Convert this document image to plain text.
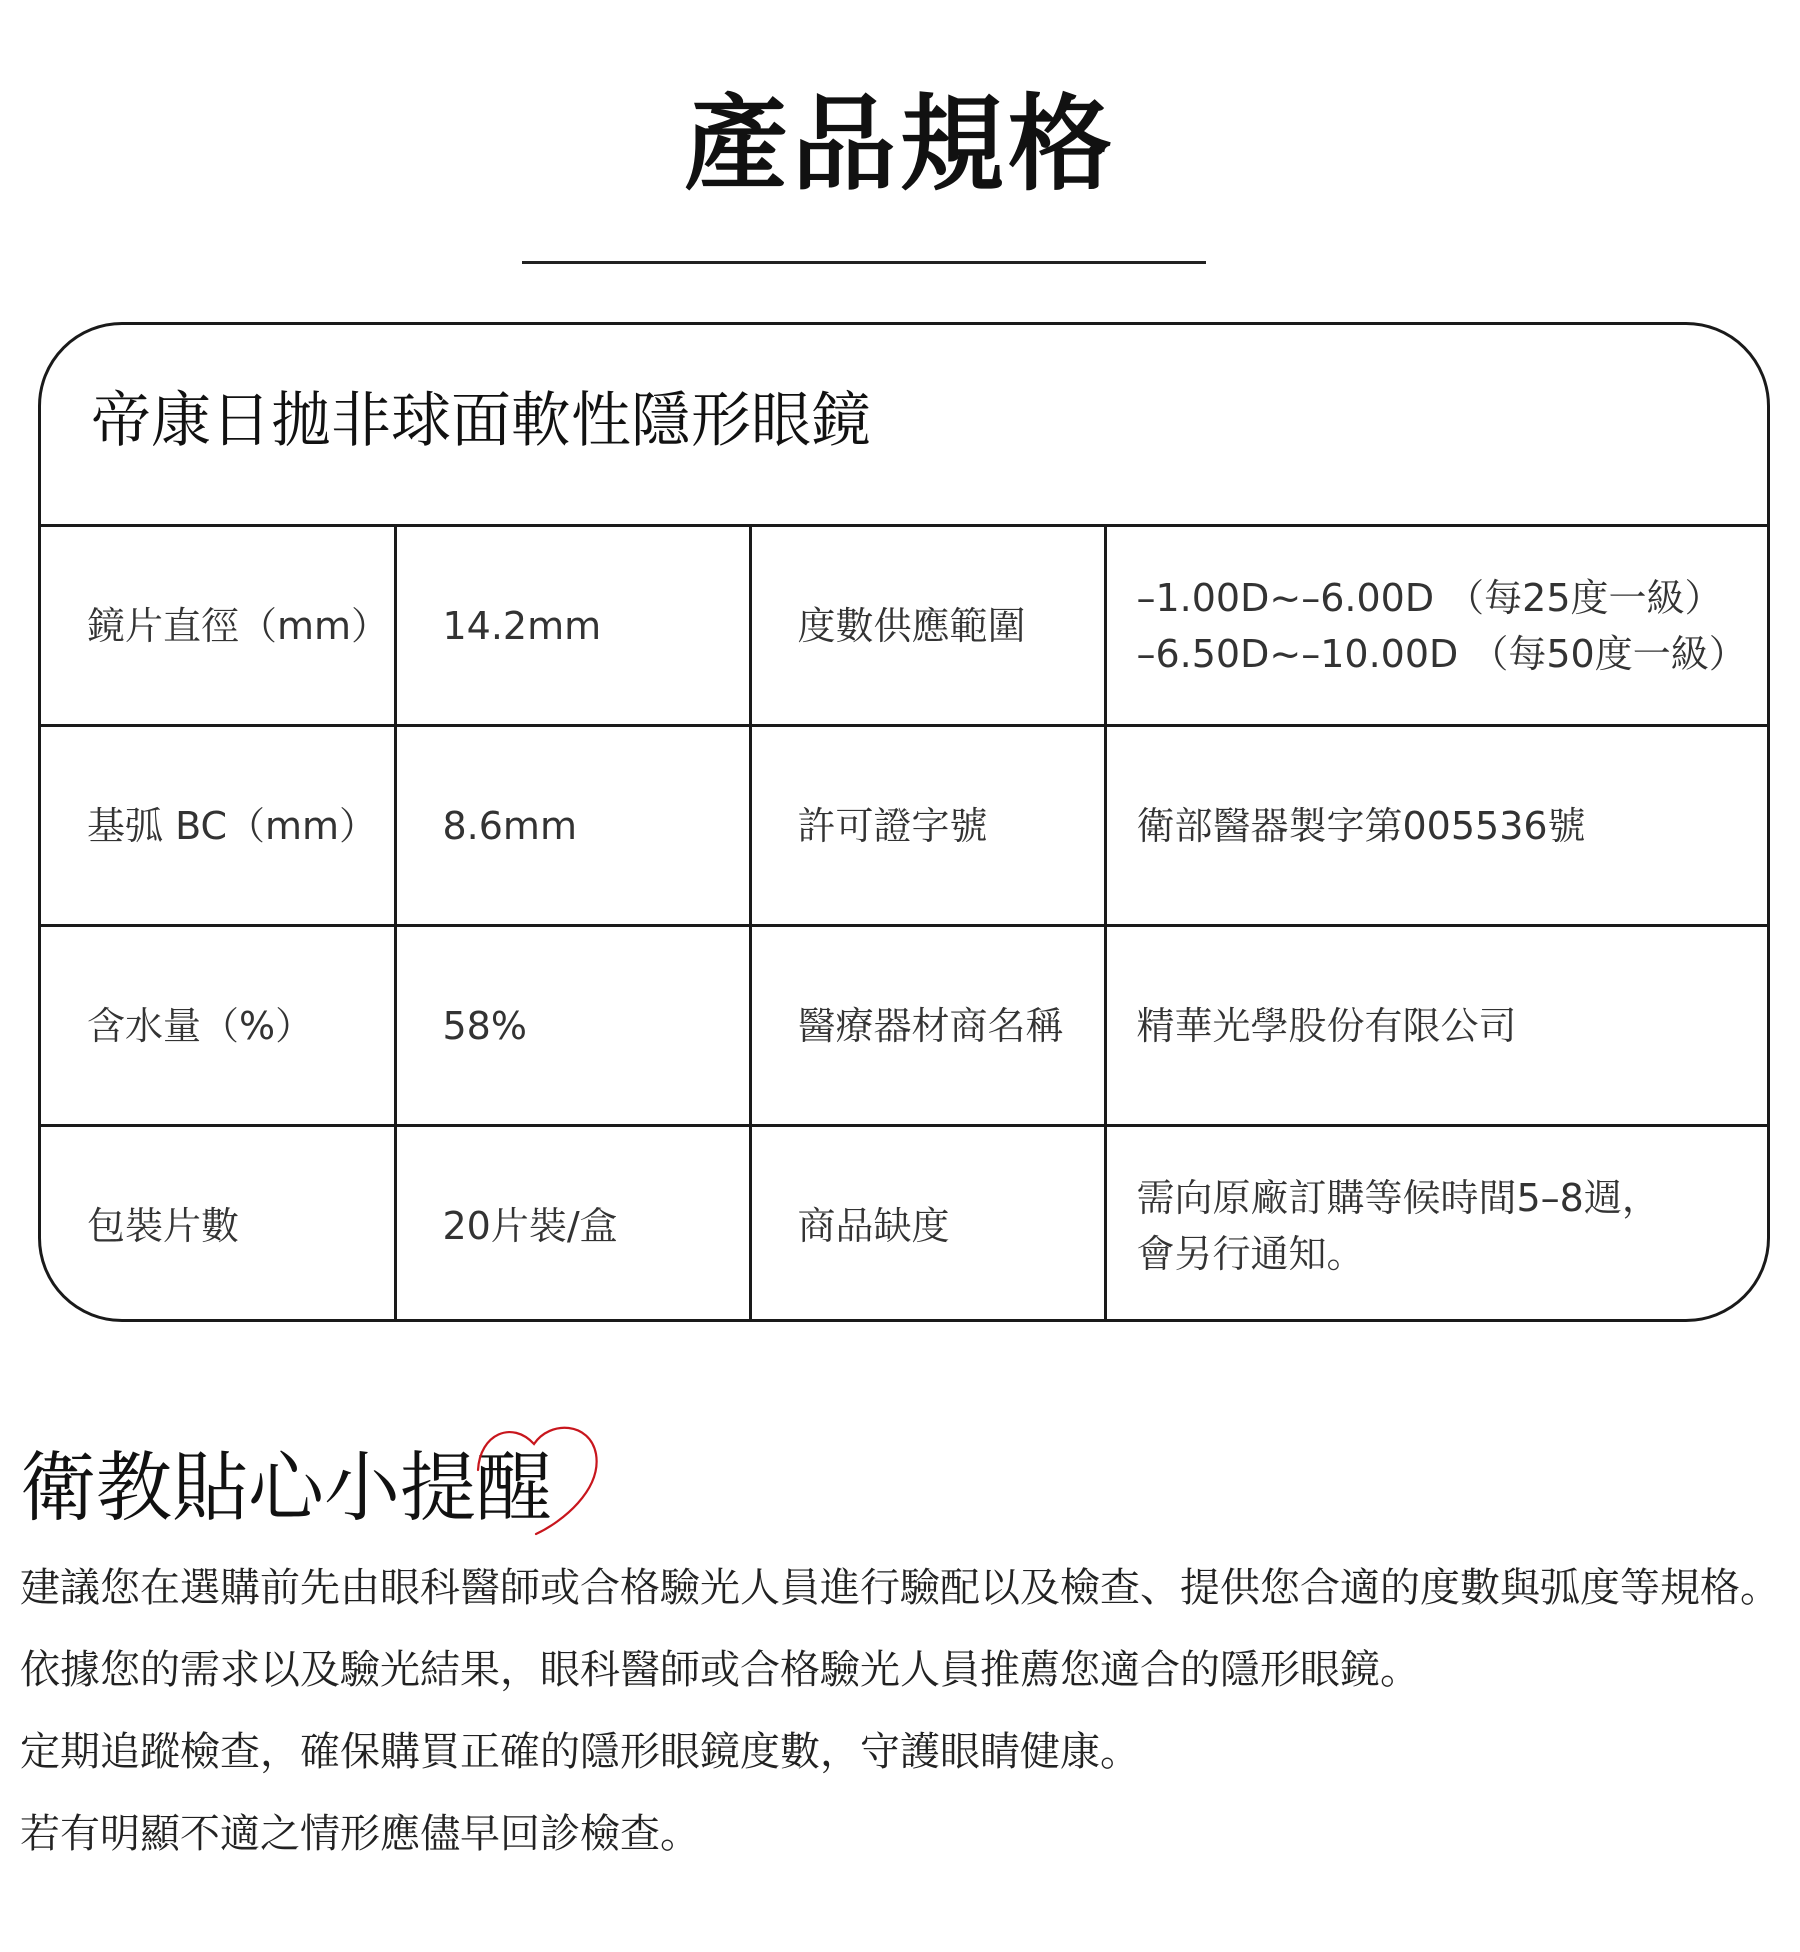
產品規格
帝康日拋非球面軟性隱形眼鏡
鏡片直徑（mm）	14.2mm	度數供應範圍	–1.00D~–6.00D （每25度一級）
–6.50D~–10.00D （每50度一級）

基弧 BC（mm）	8.6mm	許可證字號	衛部醫器製字第005536號
含水量（%）	58%	醫療器材商名稱	精華光學股份有限公司
包裝片數	20片裝/盒	商品缺度	需向原廠訂購等候時間5–8週，
會另行通知。
衛教貼心小提醒

建議您在選購前先由眼科醫師或合格驗光人員進行驗配以及檢查、提供您合適的度數與弧度等規格。

依據您的需求以及驗光結果，眼科醫師或合格驗光人員推薦您適合的隱形眼鏡。

定期追蹤檢查，確保購買正確的隱形眼鏡度數，守護眼睛健康。

若有明顯不適之情形應儘早回診檢查。
